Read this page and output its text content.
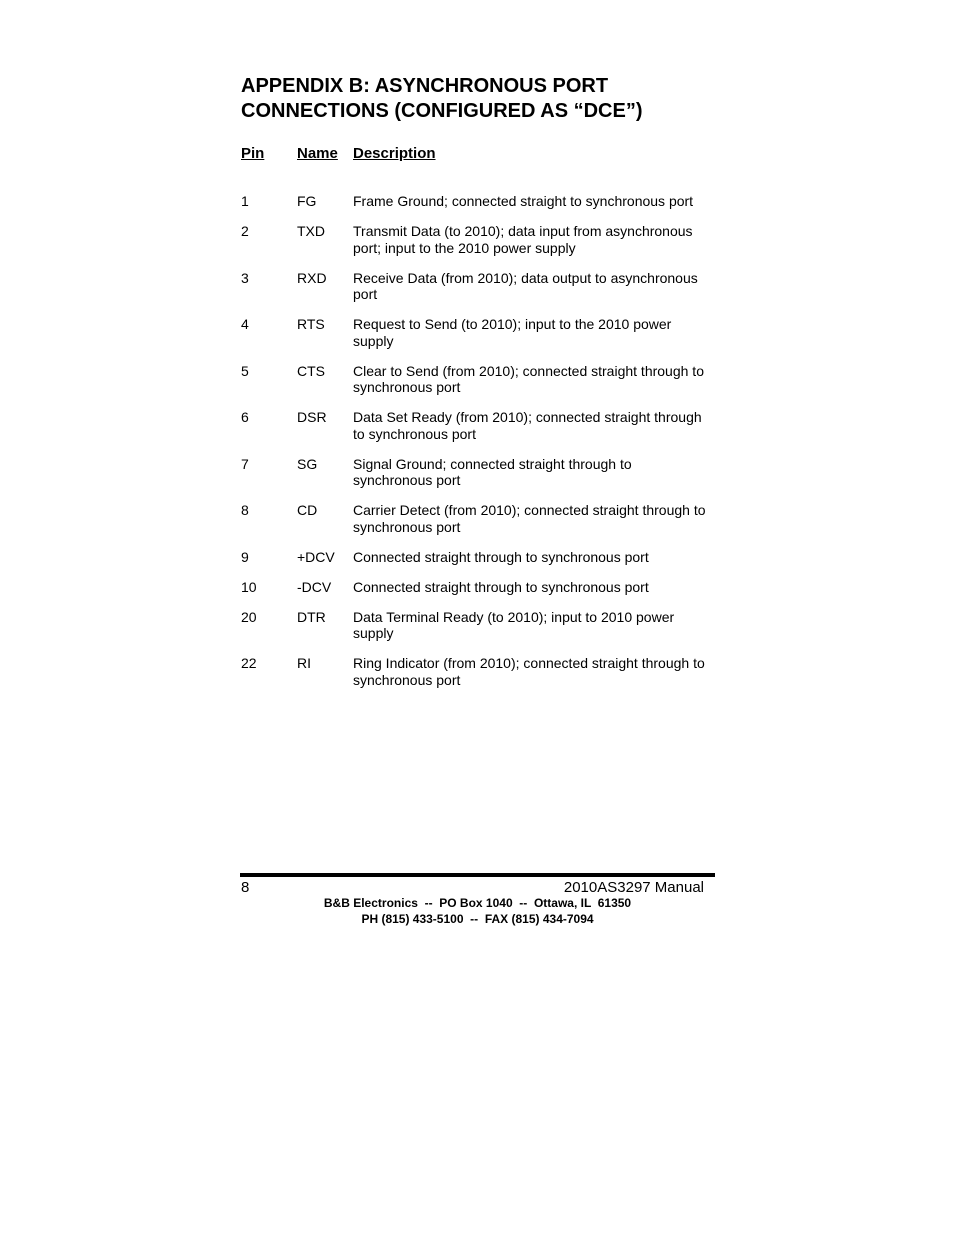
APPENDIX B: ASYNCHRONOUS PORT
CONNECTIONS (CONFIGURED AS “DCE”)
Pin Name Description
1	FG	Frame Ground; connected straight to synchronous port
2	TXD	Transmit Data (to 2010); data input from asynchronous port; input to the 2010 power supply
3	RXD	Receive Data (from 2010); data output to asynchronous port
4	RTS	Request to Send (to 2010); input to the 2010 power supply
5	CTS	Clear to Send (from 2010); connected straight through to synchronous port
6	DSR	Data Set Ready (from 2010); connected straight through to synchronous port
7	SG	Signal Ground; connected straight through to synchronous port
8	CD	Carrier Detect (from 2010); connected straight through to synchronous port
9	+DCV	Connected straight through to synchronous port
10	-DCV	Connected straight through to synchronous port
20	DTR	Data Terminal Ready (to 2010); input to 2010 power supply
22	RI	Ring Indicator (from 2010); connected straight through to synchronous port
8	2010AS3297 Manual
B&B Electronics  --  PO Box 1040  --  Ottawa, IL  61350
PH (815) 433-5100  --  FAX (815) 434-7094
